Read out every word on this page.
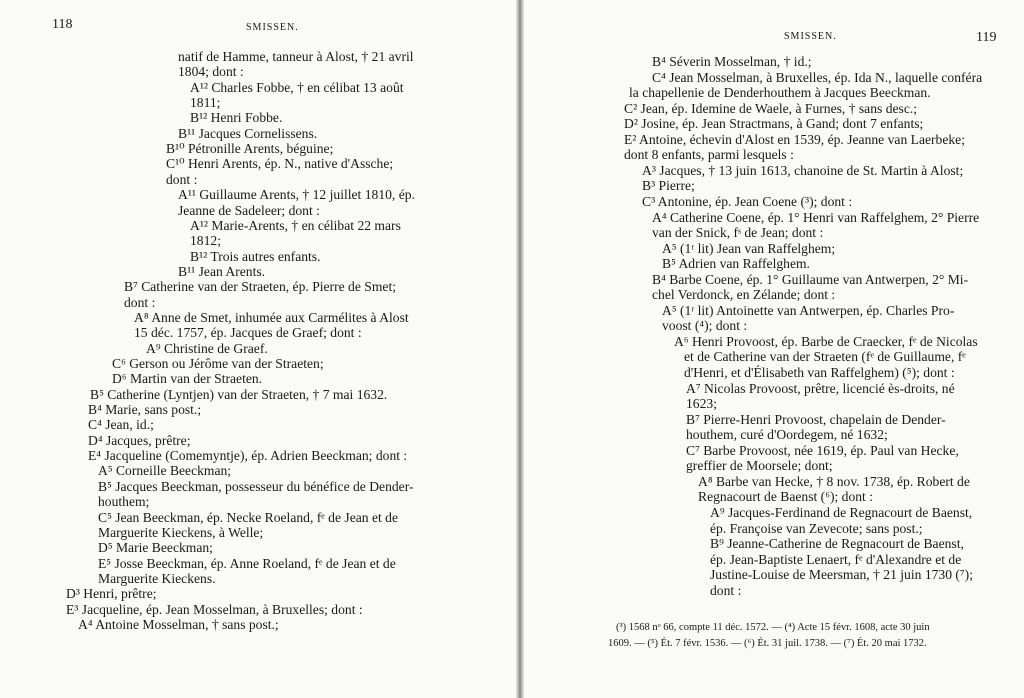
118	SMISSEN.
natif de Hamme, tanneur à Alost, † 21 avril
1804; dont :
A¹² Charles Fobbe, † en célibat 13 août
1811;
B¹² Henri Fobbe.
B¹¹ Jacques Cornelissens.
B¹⁰ Pétronille Arents, béguine;
C¹⁰ Henri Arents, ép. N., native d'Assche;
dont :
A¹¹ Guillaume Arents, † 12 juillet 1810, ép.
Jeanne de Sadeleer; dont :
A¹² Marie-Arents, † en célibat 22 mars
1812;
B¹² Trois autres enfants.
B¹¹ Jean Arents.
B⁷ Catherine van der Straeten, ép. Pierre de Smet;
dont :
A⁸ Anne de Smet, inhumée aux Carmélites à Alost
15 déc. 1757, ép. Jacques de Graef; dont :
A⁹ Christine de Graef.
C⁶ Gerson ou Jérôme van der Straeten;
D⁶ Martin van der Straeten.
B⁵ Catherine (Lyntjen) van der Straeten, † 7 mai 1632.
B⁴ Marie, sans post.;
C⁴ Jean, id.;
D⁴ Jacques, prêtre;
E⁴ Jacqueline (Comemyntje), ép. Adrien Beeckman; dont :
A⁵ Corneille Beeckman;
B⁵ Jacques Beeckman, possesseur du bénéfice de Dender-
houthem;
C⁵ Jean Beeckman, ép. Necke Roeland, fᵉ de Jean et de
Marguerite Kieckens, à Welle;
D⁵ Marie Beeckman;
E⁵ Josse Beeckman, ép. Anne Roeland, fᵉ de Jean et de
Marguerite Kieckens.
D³ Henri, prêtre;
E³ Jacqueline, ép. Jean Mosselman, à Bruxelles; dont :
A⁴ Antoine Mosselman, † sans post.;
119
SMISSEN.
B⁴ Séverin Mosselman, † id.;
C⁴ Jean Mosselman, à Bruxelles, ép. Ida N., laquelle conféra
la chapellenie de Denderhouthem à Jacques Beeckman.
C² Jean, ép. Idemine de Waele, à Furnes, † sans desc.;
D² Josine, ép. Jean Stractmans, à Gand; dont 7 enfants;
E² Antoine, échevin d'Alost en 1539, ép. Jeanne van Laerbeke;
dont 8 enfants, parmi lesquels :
A³ Jacques, † 13 juin 1613, chanoine de St. Martin à Alost;
B³ Pierre;
C³ Antonine, ép. Jean Coene (³); dont :
A⁴ Catherine Coene, ép. 1° Henri van Raffelghem, 2° Pierre
van der Snick, fˢ de Jean; dont :
A⁵ (1ʳ lit) Jean van Raffelghem;
B⁵ Adrien van Raffelghem.
B⁴ Barbe Coene, ép. 1° Guillaume van Antwerpen, 2° Mi-
chel Verdonck, en Zélande; dont :
A⁵ (1ʳ lit) Antoinette van Antwerpen, ép. Charles Pro-
voost (⁴); dont :
A⁶ Henri Provoost, ép. Barbe de Craecker, fᵉ de Nicolas
et de Catherine van der Straeten (fᵉ de Guillaume, fᵉ
d'Henri, et d'Élisabeth van Raffelghem) (⁵); dont :
A⁷ Nicolas Provoost, prêtre, licencié ès-droits, né
1623;
B⁷ Pierre-Henri Provoost, chapelain de Dender-
houthem, curé d'Oordegem, né 1632;
C⁷ Barbe Provoost, née 1619, ép. Paul van Hecke,
greffier de Moorsele; dont;
A⁸ Barbe van Hecke, † 8 nov. 1738, ép. Robert de
Regnacourt de Baenst (⁶); dont :
A⁹ Jacques-Ferdinand de Regnacourt de Baenst,
ép. Françoise van Zevecote; sans post.;
B⁹ Jeanne-Catherine de Regnacourt de Baenst,
ép. Jean-Baptiste Lenaert, fᵉ d'Alexandre et de
Justine-Louise de Meersman, † 21 juin 1730 (⁷);
dont :
(³) 1568 nᵒ 66, compte 11 déc. 1572. — (⁴) Acte 15 févr. 1608, acte 30 juin
1609. — (⁵) Ét. 7 févr. 1536. — (⁶) Ét. 31 juil. 1738. — (⁷) Ét. 20 mai 1732.
